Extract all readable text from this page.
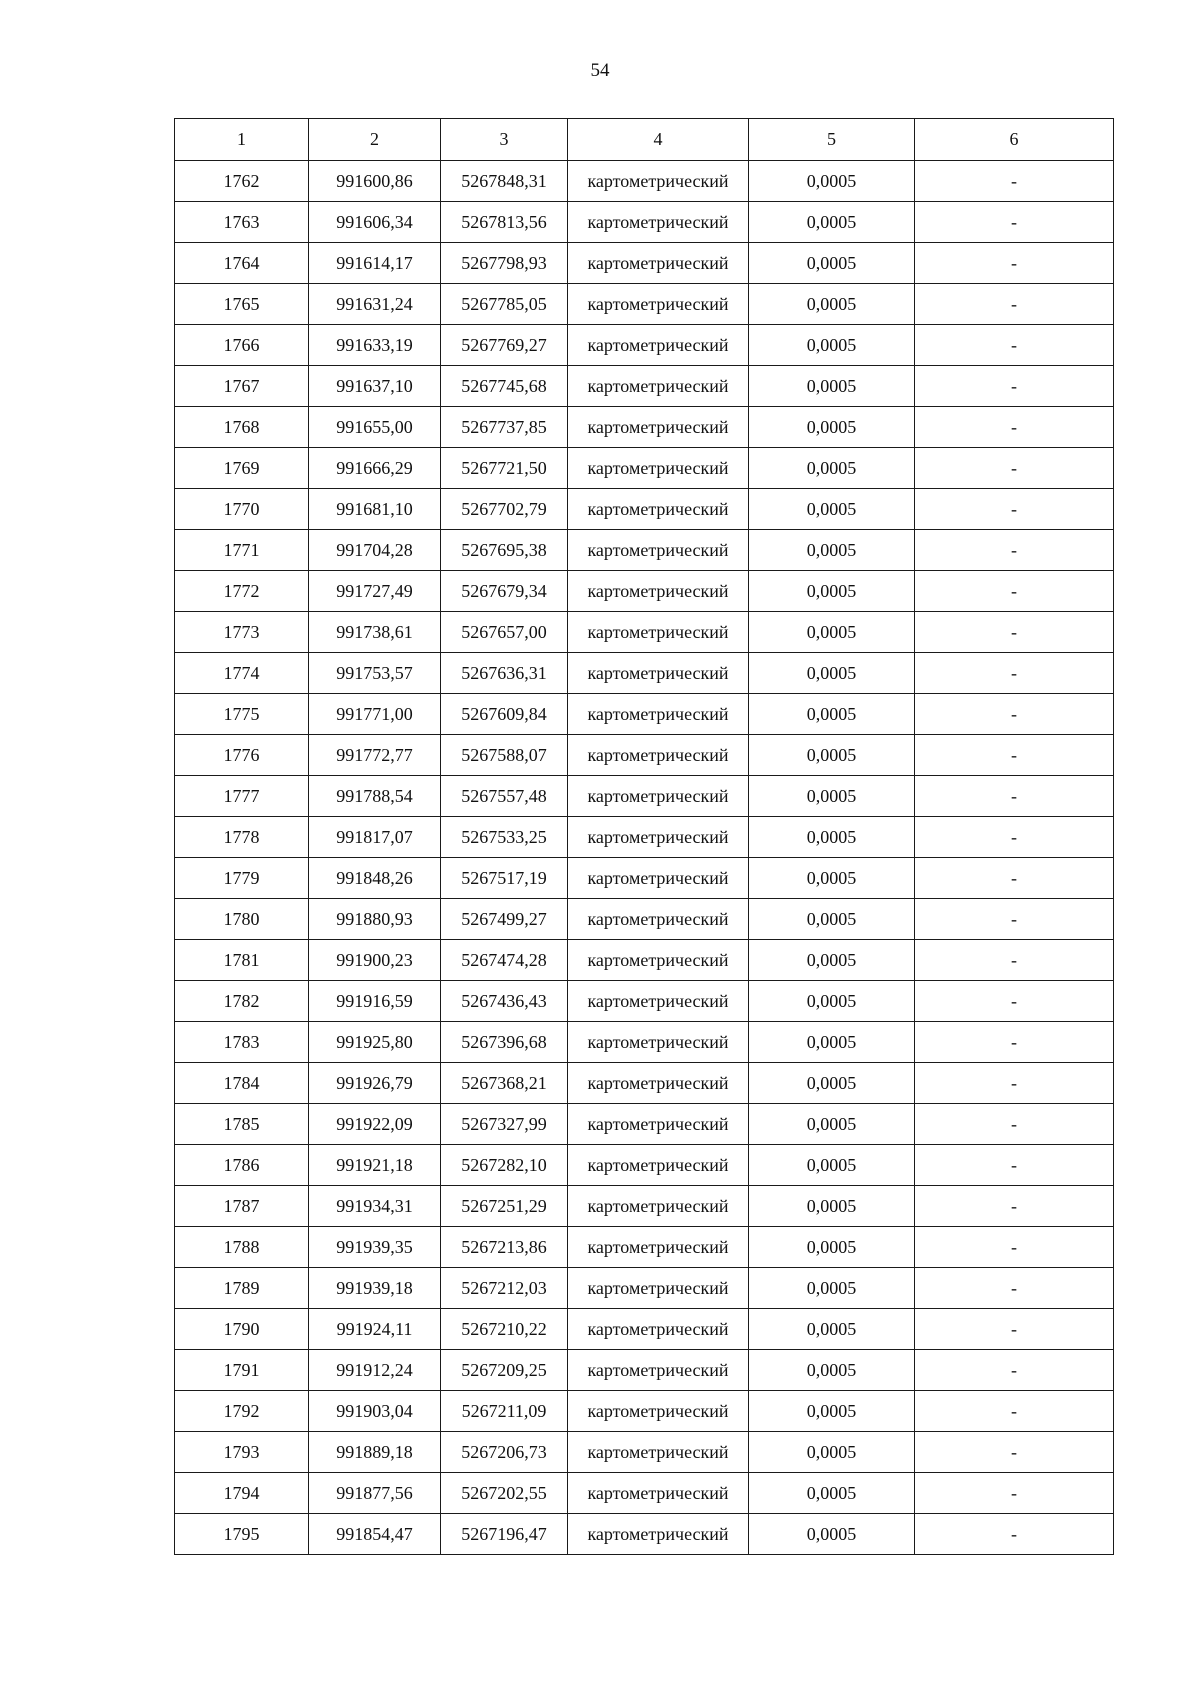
54
1	2	3	4	5	6
1762	991600,86	5267848,31	картометрический	0,0005	-
1763	991606,34	5267813,56	картометрический	0,0005	-
1764	991614,17	5267798,93	картометрический	0,0005	-
1765	991631,24	5267785,05	картометрический	0,0005	-
1766	991633,19	5267769,27	картометрический	0,0005	-
1767	991637,10	5267745,68	картометрический	0,0005	-
1768	991655,00	5267737,85	картометрический	0,0005	-
1769	991666,29	5267721,50	картометрический	0,0005	-
1770	991681,10	5267702,79	картометрический	0,0005	-
1771	991704,28	5267695,38	картометрический	0,0005	-
1772	991727,49	5267679,34	картометрический	0,0005	-
1773	991738,61	5267657,00	картометрический	0,0005	-
1774	991753,57	5267636,31	картометрический	0,0005	-
1775	991771,00	5267609,84	картометрический	0,0005	-
1776	991772,77	5267588,07	картометрический	0,0005	-
1777	991788,54	5267557,48	картометрический	0,0005	-
1778	991817,07	5267533,25	картометрический	0,0005	-
1779	991848,26	5267517,19	картометрический	0,0005	-
1780	991880,93	5267499,27	картометрический	0,0005	-
1781	991900,23	5267474,28	картометрический	0,0005	-
1782	991916,59	5267436,43	картометрический	0,0005	-
1783	991925,80	5267396,68	картометрический	0,0005	-
1784	991926,79	5267368,21	картометрический	0,0005	-
1785	991922,09	5267327,99	картометрический	0,0005	-
1786	991921,18	5267282,10	картометрический	0,0005	-
1787	991934,31	5267251,29	картометрический	0,0005	-
1788	991939,35	5267213,86	картометрический	0,0005	-
1789	991939,18	5267212,03	картометрический	0,0005	-
1790	991924,11	5267210,22	картометрический	0,0005	-
1791	991912,24	5267209,25	картометрический	0,0005	-
1792	991903,04	5267211,09	картометрический	0,0005	-
1793	991889,18	5267206,73	картометрический	0,0005	-
1794	991877,56	5267202,55	картометрический	0,0005	-
1795	991854,47	5267196,47	картометрический	0,0005	-
